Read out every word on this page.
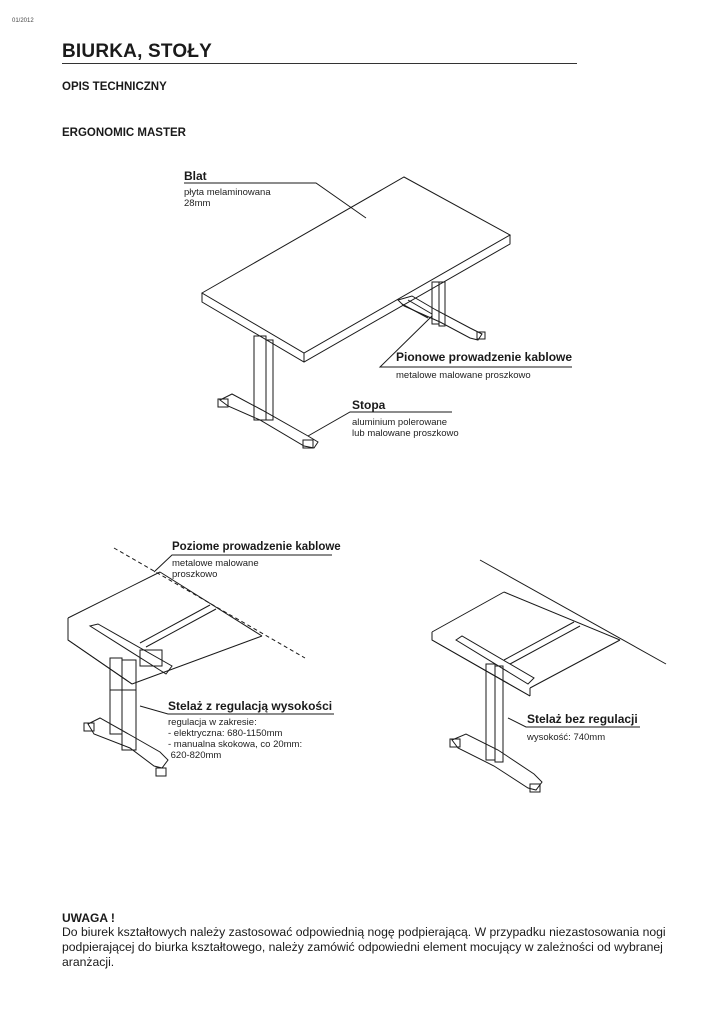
01/2012
BIURKA, STOŁY
OPIS TECHNICZNY
ERGONOMIC MASTER
Blat
płyta melaminowana
28mm
Pionowe prowadzenie kablowe
metalowe malowane proszkowo
Stopa
aluminium polerowane
lub malowane proszkowo
Poziome prowadzenie kablowe
metalowe malowane
proszkowo
Stelaż z regulacją wysokości
regulacja w zakresie:
- elektryczna: 680-1150mm
- manualna skokowa, co 20mm:
620-820mm
Stelaż bez regulacji
wysokość: 740mm
UWAGA !
Do biurek kształtowych należy zastosować odpowiednią nogę podpierającą. W przypadku niezastosowania nogi podpierającej do biurka kształtowego, należy zamówić odpowiedni element mocujący w zależności od wybranej aranżacji.
